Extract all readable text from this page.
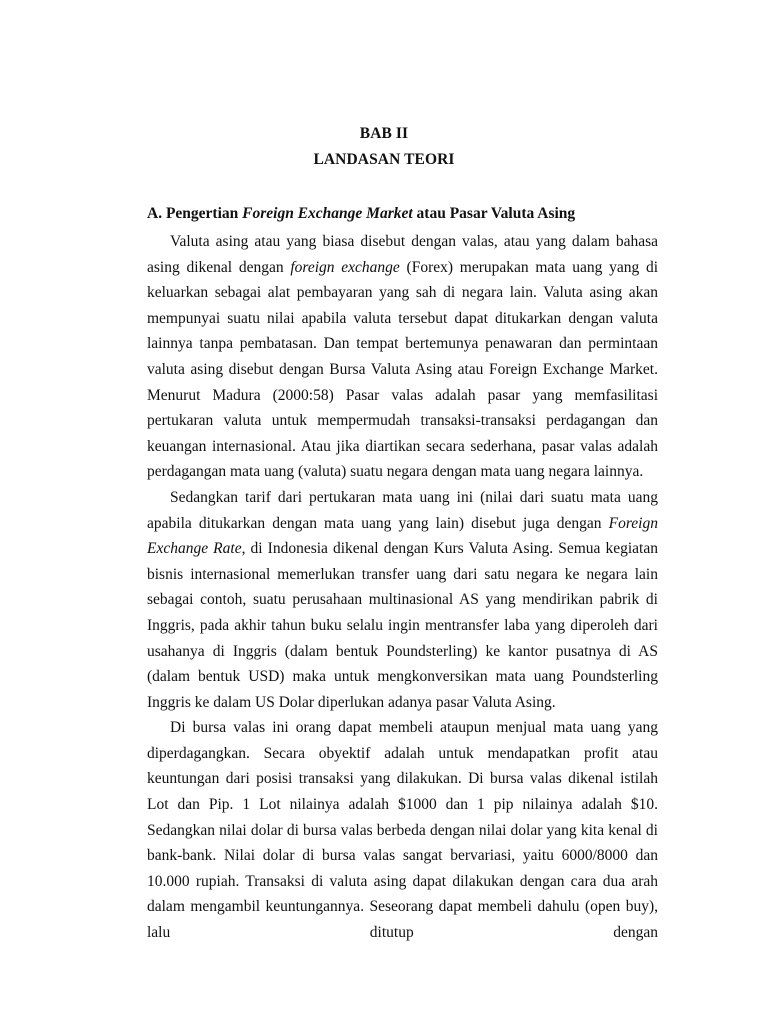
BAB II
LANDASAN TEORI
A. Pengertian Foreign Exchange Market atau Pasar Valuta Asing

Valuta asing atau yang biasa disebut dengan valas, atau yang dalam bahasa asing dikenal dengan foreign exchange (Forex) merupakan mata uang yang di keluarkan sebagai alat pembayaran yang sah di negara lain. Valuta asing akan mempunyai suatu nilai apabila valuta tersebut dapat ditukarkan dengan valuta lainnya tanpa pembatasan. Dan tempat bertemunya penawaran dan permintaan valuta asing disebut dengan Bursa Valuta Asing atau Foreign Exchange Market. Menurut Madura (2000:58) Pasar valas adalah pasar yang memfasilitasi pertukaran valuta untuk mempermudah transaksi-transaksi perdagangan dan keuangan internasional. Atau jika diartikan secara sederhana, pasar valas adalah perdagangan mata uang (valuta) suatu negara dengan mata uang negara lainnya.

Sedangkan tarif dari pertukaran mata uang ini (nilai dari suatu mata uang apabila ditukarkan dengan mata uang yang lain) disebut juga dengan Foreign Exchange Rate, di Indonesia dikenal dengan Kurs Valuta Asing. Semua kegiatan bisnis internasional memerlukan transfer uang dari satu negara ke negara lain sebagai contoh, suatu perusahaan multinasional AS yang mendirikan pabrik di Inggris, pada akhir tahun buku selalu ingin mentransfer laba yang diperoleh dari usahanya di Inggris (dalam bentuk Poundsterling) ke kantor pusatnya di AS (dalam bentuk USD) maka untuk mengkonversikan mata uang Poundsterling Inggris ke dalam US Dolar diperlukan adanya pasar Valuta Asing.

Di bursa valas ini orang dapat membeli ataupun menjual mata uang yang diperdagangkan. Secara obyektif adalah untuk mendapatkan profit atau keuntungan dari posisi transaksi yang dilakukan. Di bursa valas dikenal istilah Lot dan Pip. 1 Lot nilainya adalah $1000 dan 1 pip nilainya adalah $10. Sedangkan nilai dolar di bursa valas berbeda dengan nilai dolar yang kita kenal di bank-bank. Nilai dolar di bursa valas sangat bervariasi, yaitu 6000/8000 dan 10.000 rupiah. Transaksi di valuta asing dapat dilakukan dengan cara dua arah dalam mengambil keuntungannya. Seseorang dapat membeli dahulu (open buy), lalu ditutup dengan
